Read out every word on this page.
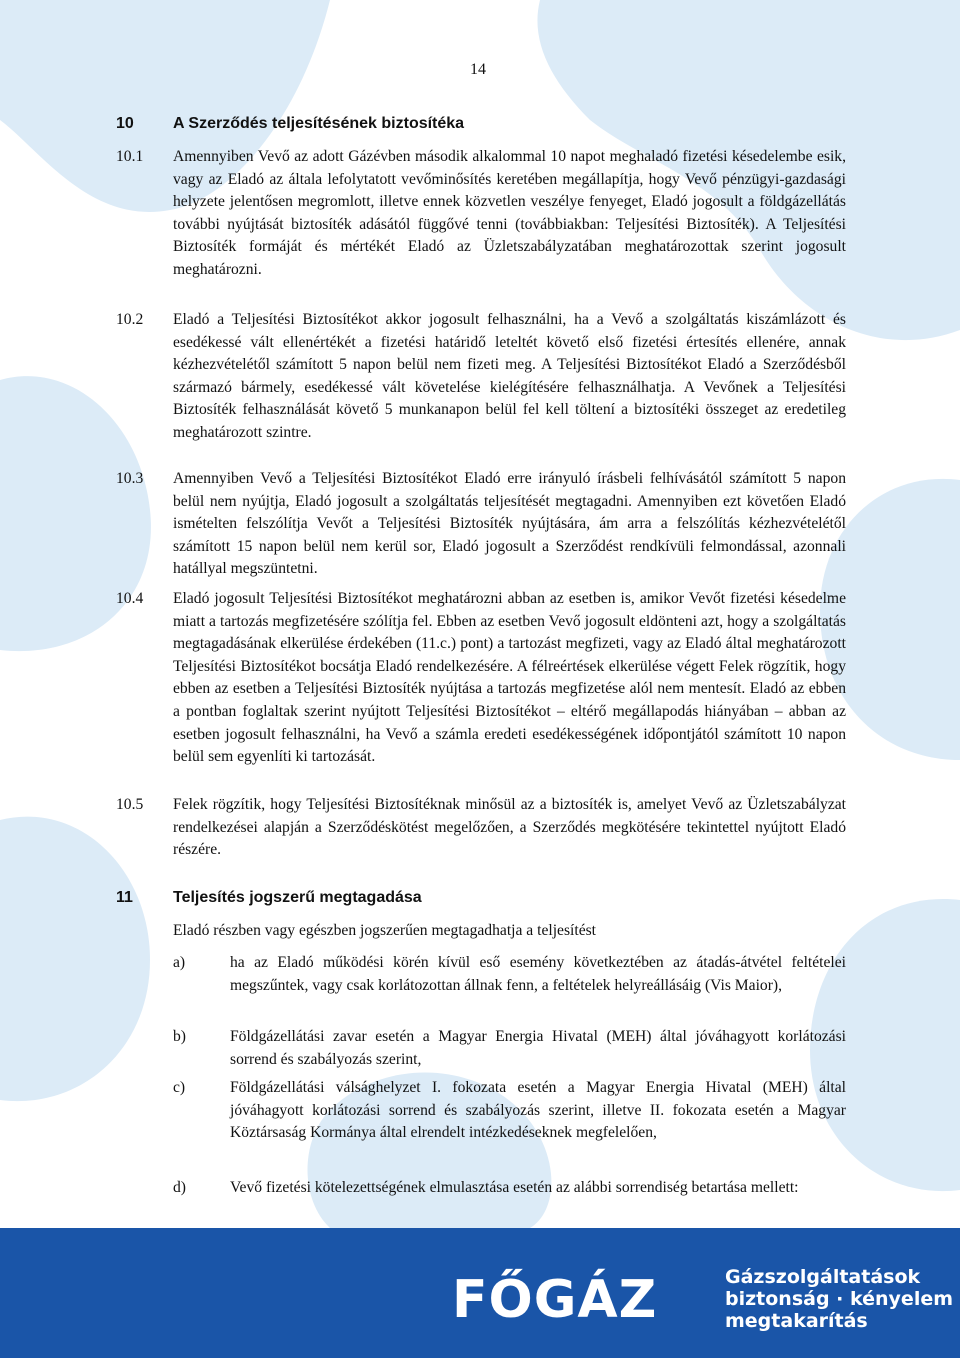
14
10 A Szerződés teljesítésének biztosítéka
10.1 Amennyiben Vevő az adott Gázévben második alkalommal 10 napot meghaladó fizetési késedelembe esik, vagy az Eladó az általa lefolytatott vevőminősítés keretében megállapítja, hogy Vevő pénzügyi-gazdasági helyzete jelentősen megromlott, illetve ennek közvetlen veszélye fenyeget, Eladó jogosult a földgázellátás további nyújtását biztosíték adásától függővé tenni (továbbiakban: Teljesítési Biztosíték). A Teljesítési Biztosíték formáját és mértékét Eladó az Üzletszabályzatában meghatározottak szerint jogosult meghatározni.
10.2 Eladó a Teljesítési Biztosítékot akkor jogosult felhasználni, ha a Vevő a szolgáltatás kiszámlázott és esedékessé vált ellenértékét a fizetési határidő leteltét követő első fizetési értesítés ellenére, annak kézhezvételétől számított 5 napon belül nem fizeti meg. A Teljesítési Biztosítékot Eladó a Szerződésből származó bármely, esedékessé vált követelése kielégítésére felhasználhatja. A Vevőnek a Teljesítési Biztosíték felhasználását követő 5 munkanapon belül fel kell töltení a biztosítéki összeget az eredetileg meghatározott szintre.
10.3 Amennyiben Vevő a Teljesítési Biztosítékot Eladó erre irányuló írásbeli felhívásától számított 5 napon belül nem nyújtja, Eladó jogosult a szolgáltatás teljesítését megtagadni. Amennyiben ezt követően Eladó ismételten felszólítja Vevőt a Teljesítési Biztosíték nyújtására, ám arra a felszólítás kézhezvételétől számított 15 napon belül nem kerül sor, Eladó jogosult a Szerződést rendkívüli felmondással, azonnali hatállyal megszüntetni.
10.4 Eladó jogosult Teljesítési Biztosítékot meghatározni abban az esetben is, amikor Vevőt fizetési késedelme miatt a tartozás megfizetésére szólítja fel. Ebben az esetben Vevő jogosult eldönteni azt, hogy a szolgáltatás megtagadásának elkerülése érdekében (11.c.) pont) a tartozást megfizeti, vagy az Eladó által meghatározott Teljesítési Biztosítékot bocsátja Eladó rendelkezésére. A félreértések elkerülése végett Felek rögzítik, hogy ebben az esetben a Teljesítési Biztosíték nyújtása a tartozás megfizetése alól nem mentesít. Eladó az ebben a pontban foglaltak szerint nyújtott Teljesítési Biztosítékot – eltérő megállapodás hiányában – abban az esetben jogosult felhasználni, ha Vevő a számla eredeti esedékességének időpontjától számított 10 napon belül sem egyenlíti ki tartozását.
10.5 Felek rögzítik, hogy Teljesítési Biztosítéknak minősül az a biztosíték is, amelyet Vevő az Üzletszabályzat rendelkezései alapján a Szerződéskötést megelőzően, a Szerződés megkötésére tekintettel nyújtott Eladó részére.
11	Teljesítés jogszerű megtagadása
Eladó részben vagy egészben jogszerűen megtagadhatja a teljesítést
a)	ha az Eladó működési körén kívül eső esemény következtében az átadás-átvétel feltételei megszűntek, vagy csak korlátozottan állnak fenn, a feltételek helyreállásáig (Vis Maior),
b)	Földgázellátási zavar esetén a Magyar Energia Hivatal (MEH) által jóváhagyott korlátozási sorrend és szabályozás szerint,
c)	Földgázellátási válsághelyzet I. fokozata esetén a Magyar Energia Hivatal (MEH) által jóváhagyott korlátozási sorrend és szabályozás szerint, illetve II. fokozata esetén a Magyar Köztársaság Kormánya által elrendelt intézkedéseknek megfelelően,
d)	Vevő fizetési kötelezettségének elmulasztása esetén az alábbi sorrendiség betartása mellett:
FŐGÁZ	Gázszolgáltatások
biztonság · kényelem
megtakarítás
